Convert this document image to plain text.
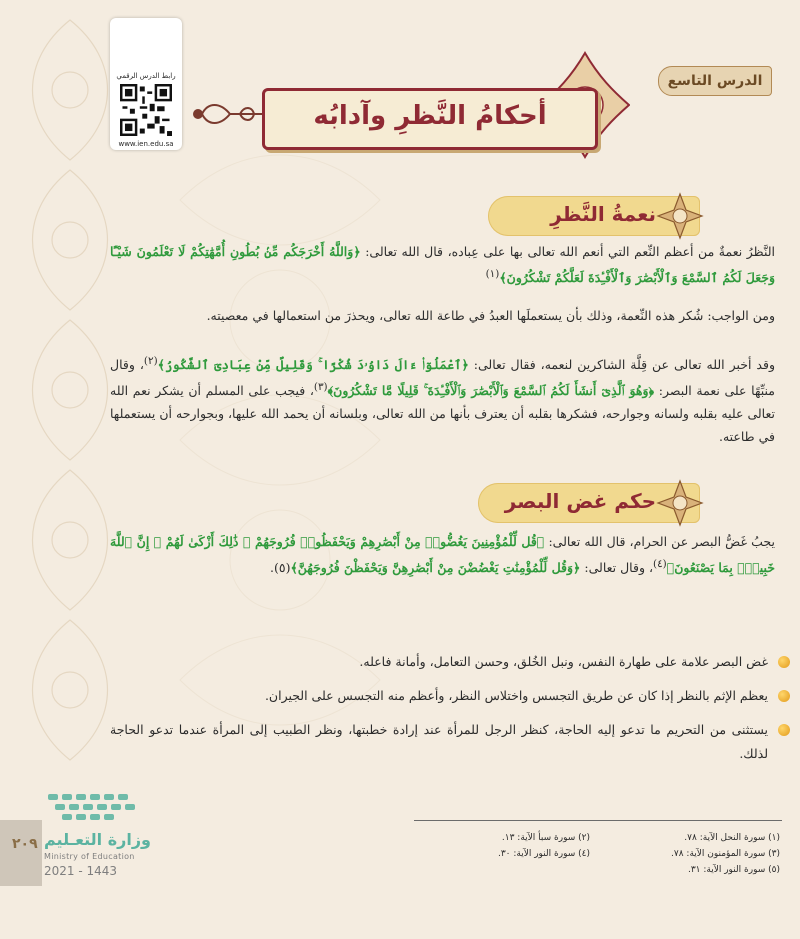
رابط الدرس الرقمي
www.ien.edu.sa
الدرس التاسع
أحكامُ النَّظرِ وآدابُه
نعمةُ النَّظرِ
النَّظرُ نعمةٌ من أعظم النِّعم التي أنعم الله تعالى بها على عِباده، قال الله تعالى: ﴿وَاللَّهُ أَخْرَجَكُم مِّنۢ بُطُونِ أُمَّهَٰتِكُمْ لَا تَعْلَمُونَ شَيْـًٔا وَجَعَلَ لَكُمُ ٱلسَّمْعَ وَٱلْأَبْصَٰرَ وَٱلْأَفْـِٔدَةَ لَعَلَّكُمْ تَشْكُرُونَ﴾$^{(١)}$
ومن الواجب: شُكر هذه النِّعمة، وذلك بأن يستعملَها العبدُ في طاعة الله تعالى، ويحذرَ من استعمالها في معصيته.
وقد أخبر الله تعالى عن قِلَّة الشاكرين لنعمه، فقال تعالى: ﴿ٱعْمَلُوٓا۟ ءَالَ دَاوُۥدَ شُكْرًا ۚ وَقَلِيلٌ مِّنْ عِبَادِىَ ٱلشَّكُورُ﴾$^{(٢)}$، وقال منبِّهًا على نعمة البصر: ﴿وَهُوَ ٱلَّذِىٓ أَنشَأَ لَكُمُ ٱلسَّمْعَ وَٱلْأَبْصَٰرَ وَٱلْأَفْـِٔدَةَ ۚ قَلِيلًا مَّا تَشْكُرُونَ﴾$^{(٣)}$، فيجب على المسلم أن يشكر نعم الله تعالى عليه بقلبه ولسانه وجوارحه، فشكرها بقلبه أن يعترف بأنها من الله تعالى، وبلسانه أن يحمد الله عليها، وبجوارحه أن يستعملها في طاعته.
حكم غض البصر
يجبُ غَضُّ البصر عن الحرام، قال الله تعالى: ﴿قُل لِّلْمُؤْمِنِينَ يَغُضُّوا۟ مِنْ أَبْصَٰرِهِمْ وَيَحْفَظُوا۟ فُرُوجَهُمْ ۚ ذَٰلِكَ أَزْكَىٰ لَهُمْ ۗ إِنَّ ٱللَّهَ خَبِيرٌۢ بِمَا يَصْنَعُونَ﴾$^{(٤)}$، وقال تعالى: ﴿وَقُل لِّلْمُؤْمِنَٰتِ يَغْضُضْنَ مِنْ أَبْصَٰرِهِنَّ وَيَحْفَظْنَ فُرُوجَهُنَّ﴾(٥).
غض البصر علامة على طهارة النفس، ونبل الخُلق، وحسن التعامل، وأمانة فاعله.
يعظم الإثم بالنظر إذا كان عن طريق التجسس واختلاس النظر، وأعظم منه التجسس على الجيران.
يستثنى من التحريم ما تدعو إليه الحاجة، كنظر الرجل للمرأة عند إرادة خطبتها، ونظر الطبيب إلى المرأة عندما تدعو الحاجة لذلك.
(١) سورة النحل الآية: ٧٨.
(٣) سورة المؤمنون الآية: ٧٨.
(٥) سورة النور الآية: ٣١.
(٢) سورة سبأ الآية: ١٣.
(٤) سورة النور الآية: ٣٠.
٢٠٩ وزارة التعـليم
Ministry of Education
2021 - 1443
